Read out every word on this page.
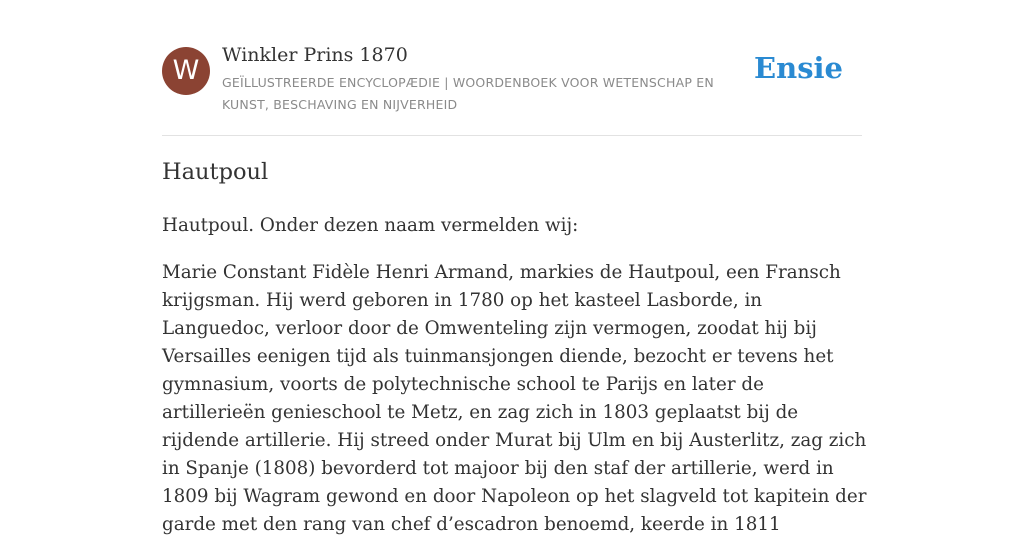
W	Winkler Prins 1870
GEÏLLUSTREERDE ENCYCLOPÆDIE | WOORDENBOEK VOOR WETENSCHAP EN KUNST, BESCHAVING EN NIJVERHEID
Ensie
Hautpoul

Hautpoul. Onder dezen naam vermelden wij:

Marie Constant Fidèle Henri Armand, markies de Hautpoul, een Fransch krijgsman. Hij werd geboren in 1780 op het kasteel Lasborde, in Languedoc, verloor door de Omwenteling zijn vermogen, zoodat hij bij Versailles eenigen tijd als tuinmansjongen diende, bezocht er tevens het gymnasium, voorts de polytechnische school te Parijs en later de artillerieën genieschool te Metz, en zag zich in 1803 geplaatst bij de rijdende artillerie. Hij streed onder Murat bij Ulm en bij Austerlitz, zag zich in Spanje (1808) bevorderd tot majoor bij den staf der artillerie, werd in 1809 bij Wagram gewond en door Napoleon op het slagveld tot kapitein der garde met den rang van chef d’escadron benoemd, keerde in 1811
